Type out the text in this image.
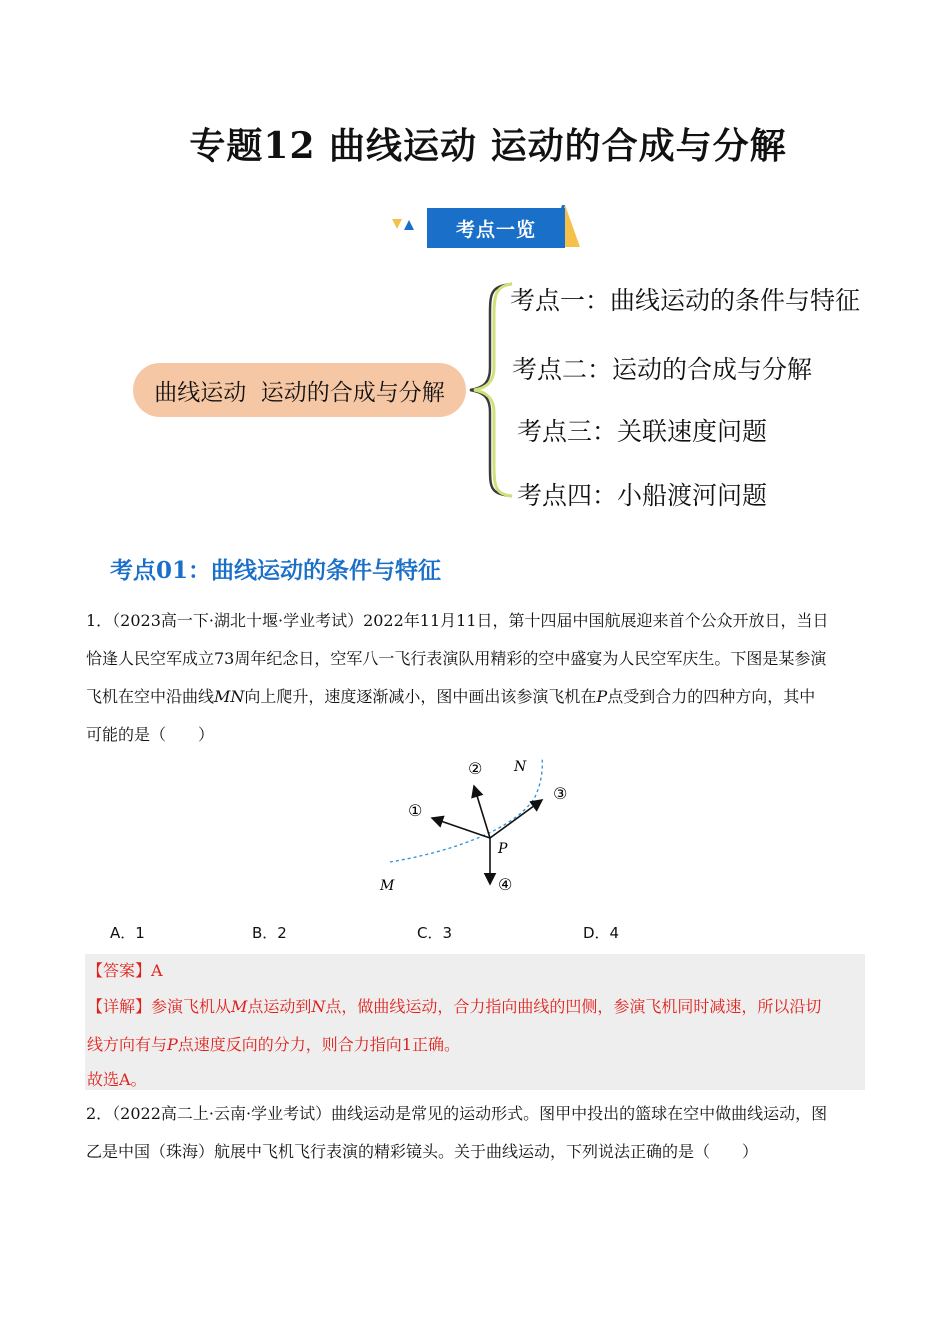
专题12 曲线运动 运动的合成与分解
考点一览
曲线运动  运动的合成与分解
考点一：曲线运动的条件与特征
考点二：运动的合成与分解
考点三：关联速度问题
考点四：小船渡河问题
考点01：曲线运动的条件与特征
1．（2023高一下·湖北十堰·学业考试）2022年11月11日，第十四届中国航展迎来首个公众开放日，当日
恰逢人民空军成立73周年纪念日，空军八一飞行表演队用精彩的空中盛宴为人民空军庆生。下图是某参演
飞机在空中沿曲线MN向上爬升，速度逐渐减小，图中画出该参演飞机在P点受到合力的四种方向，其中
可能的是（　　）
①
②
③
④
N
M
P
A．1	B．2	C．3	D．4
【答案】A
【详解】参演飞机从M点运动到N点，做曲线运动，合力指向曲线的凹侧，参演飞机同时减速，所以沿切
线方向有与P点速度反向的分力，则合力指向1正确。
故选A。
2．（2022高二上·云南·学业考试）曲线运动是常见的运动形式。图甲中投出的篮球在空中做曲线运动，图
乙是中国（珠海）航展中飞机飞行表演的精彩镜头。关于曲线运动，下列说法正确的是（　　）
